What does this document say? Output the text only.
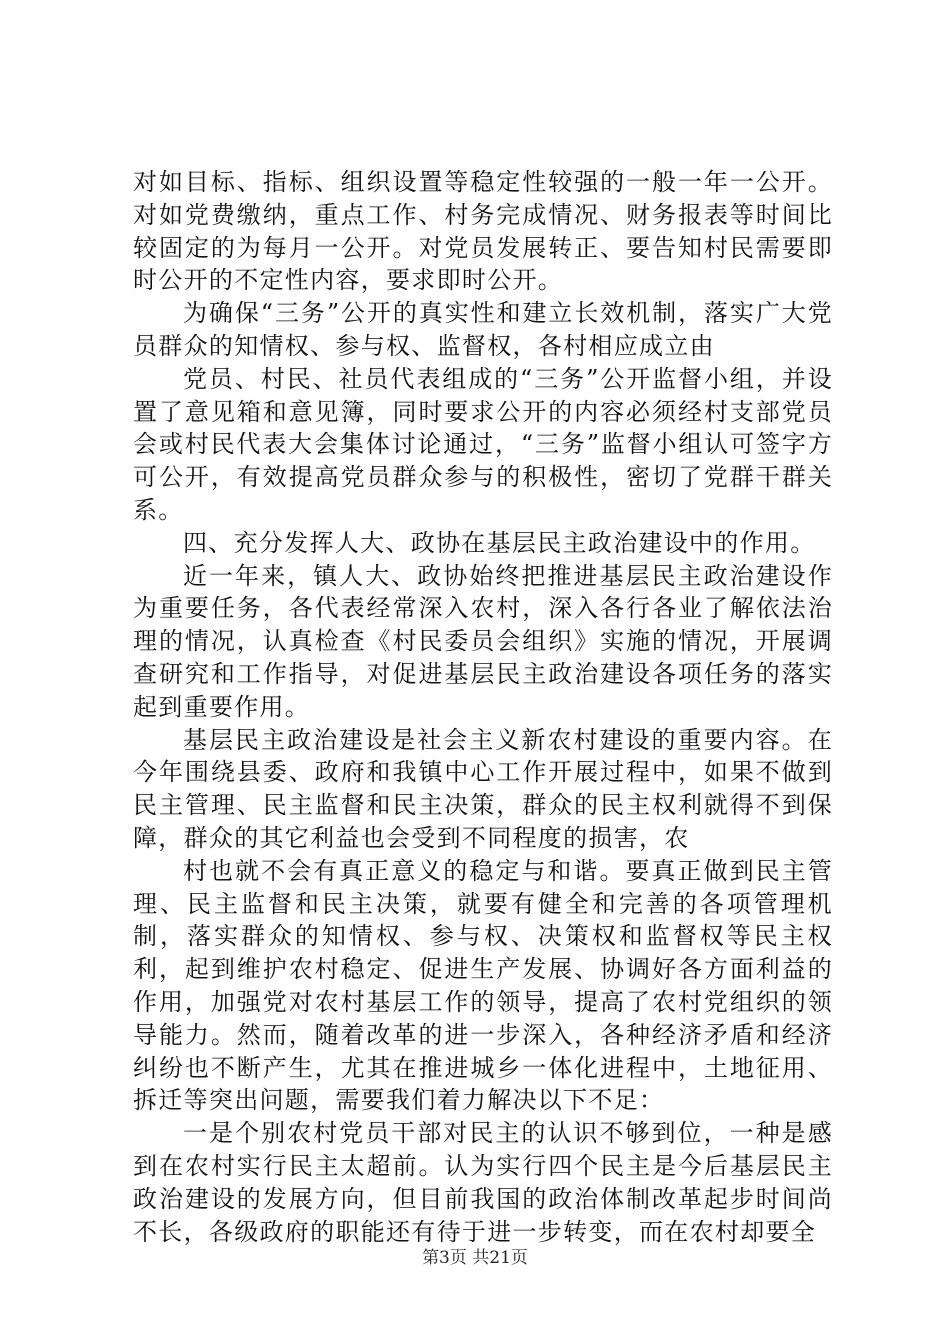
对如目标、指标、组织设置等稳定性较强的一般一年一公开。对如党费缴纳，重点工作、村务完成情况、财务报表等时间比较固定的为每月一公开。对党员发展转正、要告知村民需要即时公开的不定性内容，要求即时公开。

为确保“三务”公开的真实性和建立长效机制，落实广大党员群众的知情权、参与权、监督权，各村相应成立由

党员、村民、社员代表组成的“三务”公开监督小组，并设置了意见箱和意见簿，同时要求公开的内容必须经村支部党员会或村民代表大会集体讨论通过，“三务”监督小组认可签字方可公开，有效提高党员群众参与的积极性，密切了党群干群关系。

四、充分发挥人大、政协在基层民主政治建设中的作用。

近一年来，镇人大、政协始终把推进基层民主政治建设作为重要任务，各代表经常深入农村，深入各行各业了解依法治理的情况，认真检查《村民委员会组织》实施的情况，开展调查研究和工作指导，对促进基层民主政治建设各项任务的落实起到重要作用。

基层民主政治建设是社会主义新农村建设的重要内容。在今年围绕县委、政府和我镇中心工作开展过程中，如果不做到民主管理、民主监督和民主决策，群众的民主权利就得不到保障，群众的其它利益也会受到不同程度的损害，农

村也就不会有真正意义的稳定与和谐。要真正做到民主管理、民主监督和民主决策，就要有健全和完善的各项管理机制，落实群众的知情权、参与权、决策权和监督权等民主权利，起到维护农村稳定、促进生产发展、协调好各方面利益的作用，加强党对农村基层工作的领导，提高了农村党组织的领导能力。然而，随着改革的进一步深入，各种经济矛盾和经济纠纷也不断产生，尤其在推进城乡一体化进程中，土地征用、拆迁等突出问题，需要我们着力解决以下不足：

一是个别农村党员干部对民主的认识不够到位，一种是感到在农村实行民主太超前。认为实行四个民主是今后基层民主政治建设的发展方向，但目前我国的政治体制改革起步时间尚不长，各级政府的职能还有待于进一步转变，而在农村却要全

第3页 共21页
